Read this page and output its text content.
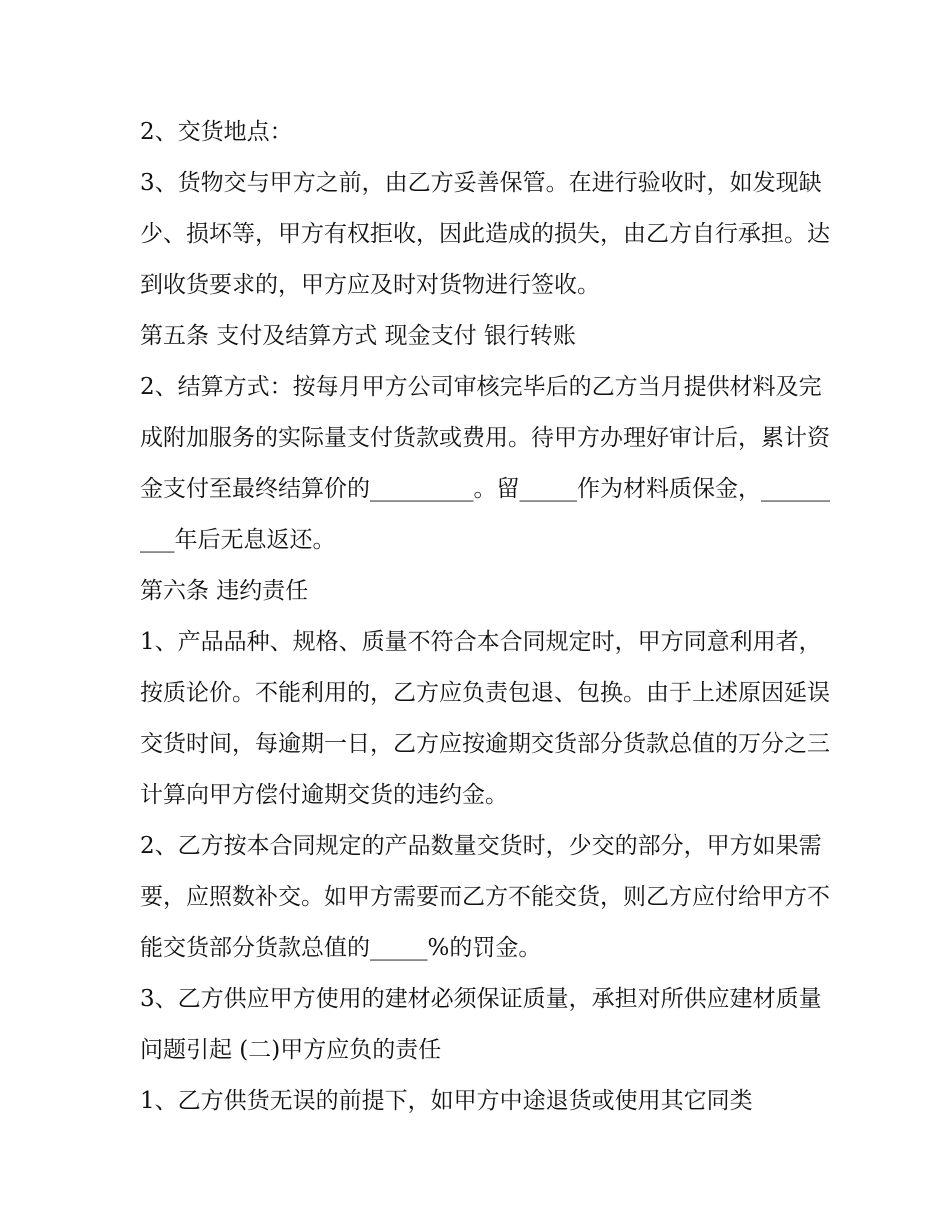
2、交货地点：

3、货物交与甲方之前，由乙方妥善保管。在进行验收时，如发现缺少、损坏等，甲方有权拒收，因此造成的损失，由乙方自行承担。达到收货要求的，甲方应及时对货物进行签收。

第五条 支付及结算方式 现金支付 银行转账

2、结算方式：按每月甲方公司审核完毕后的乙方当月提供材料及完成附加服务的实际量支付货款或费用。待甲方办理好审计后，累计资金支付至最终结算价的_________。留_____作为材料质保金，_________年后无息返还。

第六条 违约责任

1、产品品种、规格、质量不符合本合同规定时，甲方同意利用者，按质论价。不能利用的，乙方应负责包退、包换。由于上述原因延误交货时间，每逾期一日，乙方应按逾期交货部分货款总值的万分之三计算向甲方偿付逾期交货的违约金。

2、乙方按本合同规定的产品数量交货时，少交的部分，甲方如果需要，应照数补交。如甲方需要而乙方不能交货，则乙方应付给甲方不能交货部分货款总值的_____%的罚金。

3、乙方供应甲方使用的建材必须保证质量，承担对所供应建材质量问题引起 (二)甲方应负的责任

1、乙方供货无误的前提下，如甲方中途退货或使用其它同类
